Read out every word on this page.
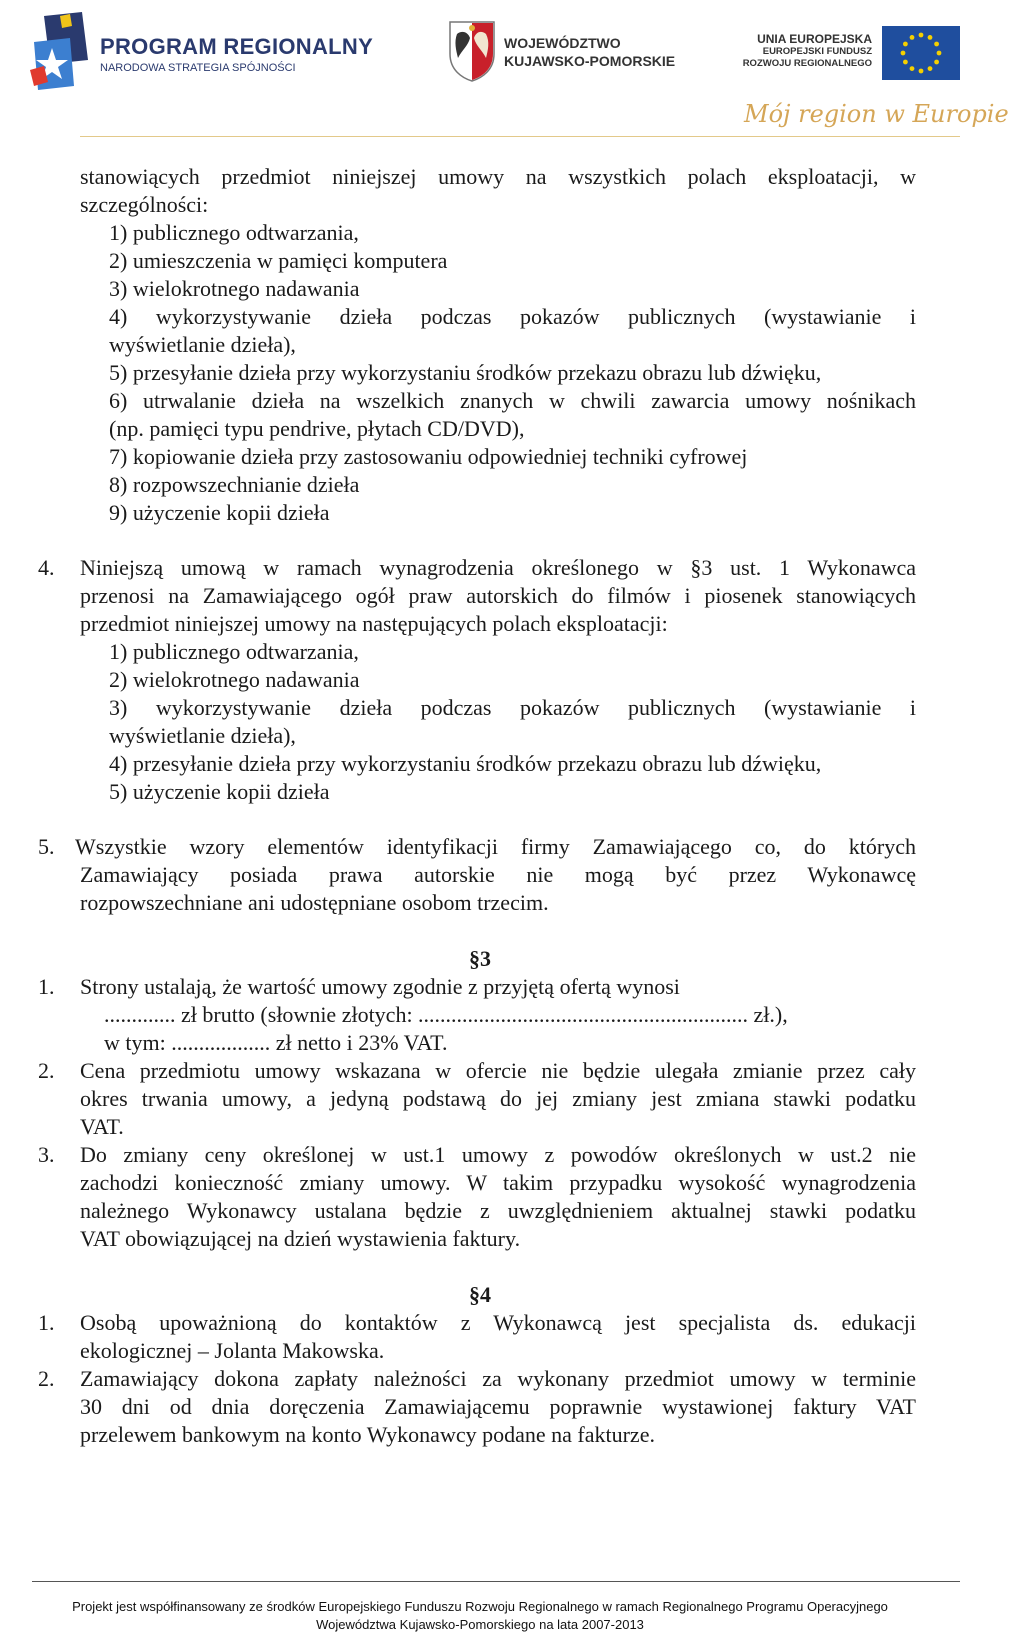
PROGRAM REGIONALNY
NARODOWA STRATEGIA SPÓJNOŚCI
WOJEWÓDZTWO
KUJAWSKO-POMORSKIE
UNIA EUROPEJSKA
EUROPEJSKI FUNDUSZ
ROZWOJU REGIONALNEGO
Mój region w Europie
stanowiących przedmiot niniejszej umowy na wszystkich polach eksploatacji, w
szczególności:
1) publicznego odtwarzania,
2) umieszczenia w pamięci komputera
3) wielokrotnego nadawania
4) wykorzystywanie dzieła podczas pokazów publicznych (wystawianie i
wyświetlanie dzieła),
5) przesyłanie dzieła przy wykorzystaniu środków przekazu obrazu lub dźwięku,
6) utrwalanie dzieła na wszelkich znanych w chwili zawarcia umowy nośnikach
(np. pamięci typu pendrive, płytach CD/DVD),
7) kopiowanie dzieła przy zastosowaniu odpowiedniej techniki cyfrowej
8) rozpowszechnianie dzieła
9) użyczenie kopii dzieła
4. Niniejszą umową w ramach wynagrodzenia określonego w §3 ust. 1 Wykonawca
przenosi na Zamawiającego ogół praw autorskich do filmów i piosenek stanowiących
przedmiot niniejszej umowy na następujących polach eksploatacji:
1) publicznego odtwarzania,
2) wielokrotnego nadawania
3) wykorzystywanie dzieła podczas pokazów publicznych (wystawianie i
wyświetlanie dzieła),
4) przesyłanie dzieła przy wykorzystaniu środków przekazu obrazu lub dźwięku,
5) użyczenie kopii dzieła
5. Wszystkie wzory elementów identyfikacji firmy Zamawiającego co, do których
Zamawiający posiada prawa autorskie nie mogą być przez Wykonawcę
rozpowszechniane ani udostępniane osobom trzecim.
§3
1. Strony ustalają, że wartość umowy zgodnie z przyjętą ofertą wynosi
............. zł brutto (słownie złotych: ............................................................ zł.),
w tym: .................. zł netto i 23% VAT.
2. Cena przedmiotu umowy wskazana w ofercie nie będzie ulegała zmianie przez cały
okres trwania umowy, a jedyną podstawą do jej zmiany jest zmiana stawki podatku
VAT.
3. Do zmiany ceny określonej w ust.1 umowy z powodów określonych w ust.2 nie
zachodzi konieczność zmiany umowy. W takim przypadku wysokość wynagrodzenia
należnego Wykonawcy ustalana będzie z uwzględnieniem aktualnej stawki podatku
VAT obowiązującej na dzień wystawienia faktury.
§4
1. Osobą upoważnioną do kontaktów z Wykonawcą jest specjalista ds. edukacji
ekologicznej – Jolanta Makowska.
2. Zamawiający dokona zapłaty należności za wykonany przedmiot umowy w terminie
30 dni od dnia doręczenia Zamawiającemu poprawnie wystawionej faktury VAT
przelewem bankowym na konto Wykonawcy podane na fakturze.
Projekt jest współfinansowany ze środków Europejskiego Funduszu Rozwoju Regionalnego w ramach Regionalnego Programu Operacyjnego
Województwa Kujawsko-Pomorskiego na lata 2007-2013
